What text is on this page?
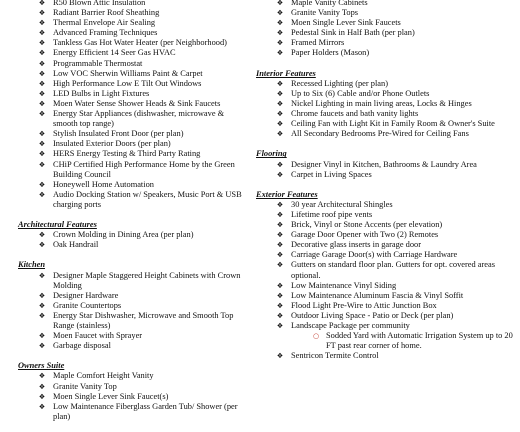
❖ R50 Blown Attic Insulation
❖ Radiant Barrier Roof Sheathing
❖ Thermal Envelope Air Sealing
❖ Advanced Framing Techniques
❖ Tankless Gas Hot Water Heater (per Neighborhood)
❖ Energy Efficient 14 Seer Gas HVAC
❖ Programmable Thermostat
❖ Low VOC Sherwin Williams Paint & Carpet
❖ High Performance Low E Tilt Out Windows
❖ LED Bulbs in Light Fixtures
❖ Moen Water Sense Shower Heads & Sink Faucets
❖ Energy Star Appliances (dishwasher, microwave & smooth top range)
❖ Stylish Insulated Front Door (per plan)
❖ Insulated Exterior Doors (per plan)
❖ HERS Energy Testing & Third Party Rating
❖ CHiP Certified High Performance Home by the Green Building Council
❖ Honeywell Home Automation
❖ Audio Docking Station w/ Speakers, Music Port & USB charging ports
Architectural Features
❖ Crown Molding in Dining Area (per plan)
❖ Oak Handrail
Kitchen
❖ Designer Maple Staggered Height Cabinets with Crown Molding
❖ Designer Hardware
❖ Granite Countertops
❖ Energy Star Dishwasher, Microwave and Smooth Top Range (stainless)
❖ Moen Faucet with Sprayer
❖ Garbage disposal
Owners Suite
❖ Maple Comfort Height Vanity
❖ Granite Vanity Top
❖ Moen Single Lever Sink Faucet(s)
❖ Low Maintenance Fiberglass Garden Tub/ Shower (per plan)
❖ Maple Vanity Cabinets
❖ Granite Vanity Tops
❖ Moen Single Lever Sink Faucets
❖ Pedestal Sink in Half Bath (per plan)
❖ Framed Mirrors
❖ Paper Holders (Mason)
Interior Features
❖ Recessed Lighting (per plan)
❖ Up to Six (6) Cable and/or Phone Outlets
❖ Nickel Lighting in main living areas, Locks & Hinges
❖ Chrome faucets and bath vanity lights
❖ Ceiling Fan with Light Kit in Family Room & Owner's Suite
❖ All Secondary Bedrooms Pre-Wired for Ceiling Fans
Flooring
❖ Designer Vinyl in Kitchen, Bathrooms & Laundry Area
❖ Carpet in Living Spaces
Exterior Features
❖ 30 year Architectural Shingles
❖ Lifetime roof pipe vents
❖ Brick, Vinyl or Stone Accents (per elevation)
❖ Garage Door Opener with Two (2) Remotes
❖ Decorative glass inserts in garage door
❖ Carriage Garage Door(s) with Carriage Hardware
❖ Gutters on standard floor plan. Gutters for opt. covered areas optional.
❖ Low Maintenance Vinyl Siding
❖ Low Maintenance Aluminum Fascia & Vinyl Soffit
❖ Flood Light Pre-Wire to Attic Junction Box
❖ Outdoor Living Space - Patio or Deck (per plan)
❖ Landscape Package per community
○ Sodded Yard with Automatic Irrigation System up to 20 FT past rear corner of home.
❖ Sentricon Termite Control
